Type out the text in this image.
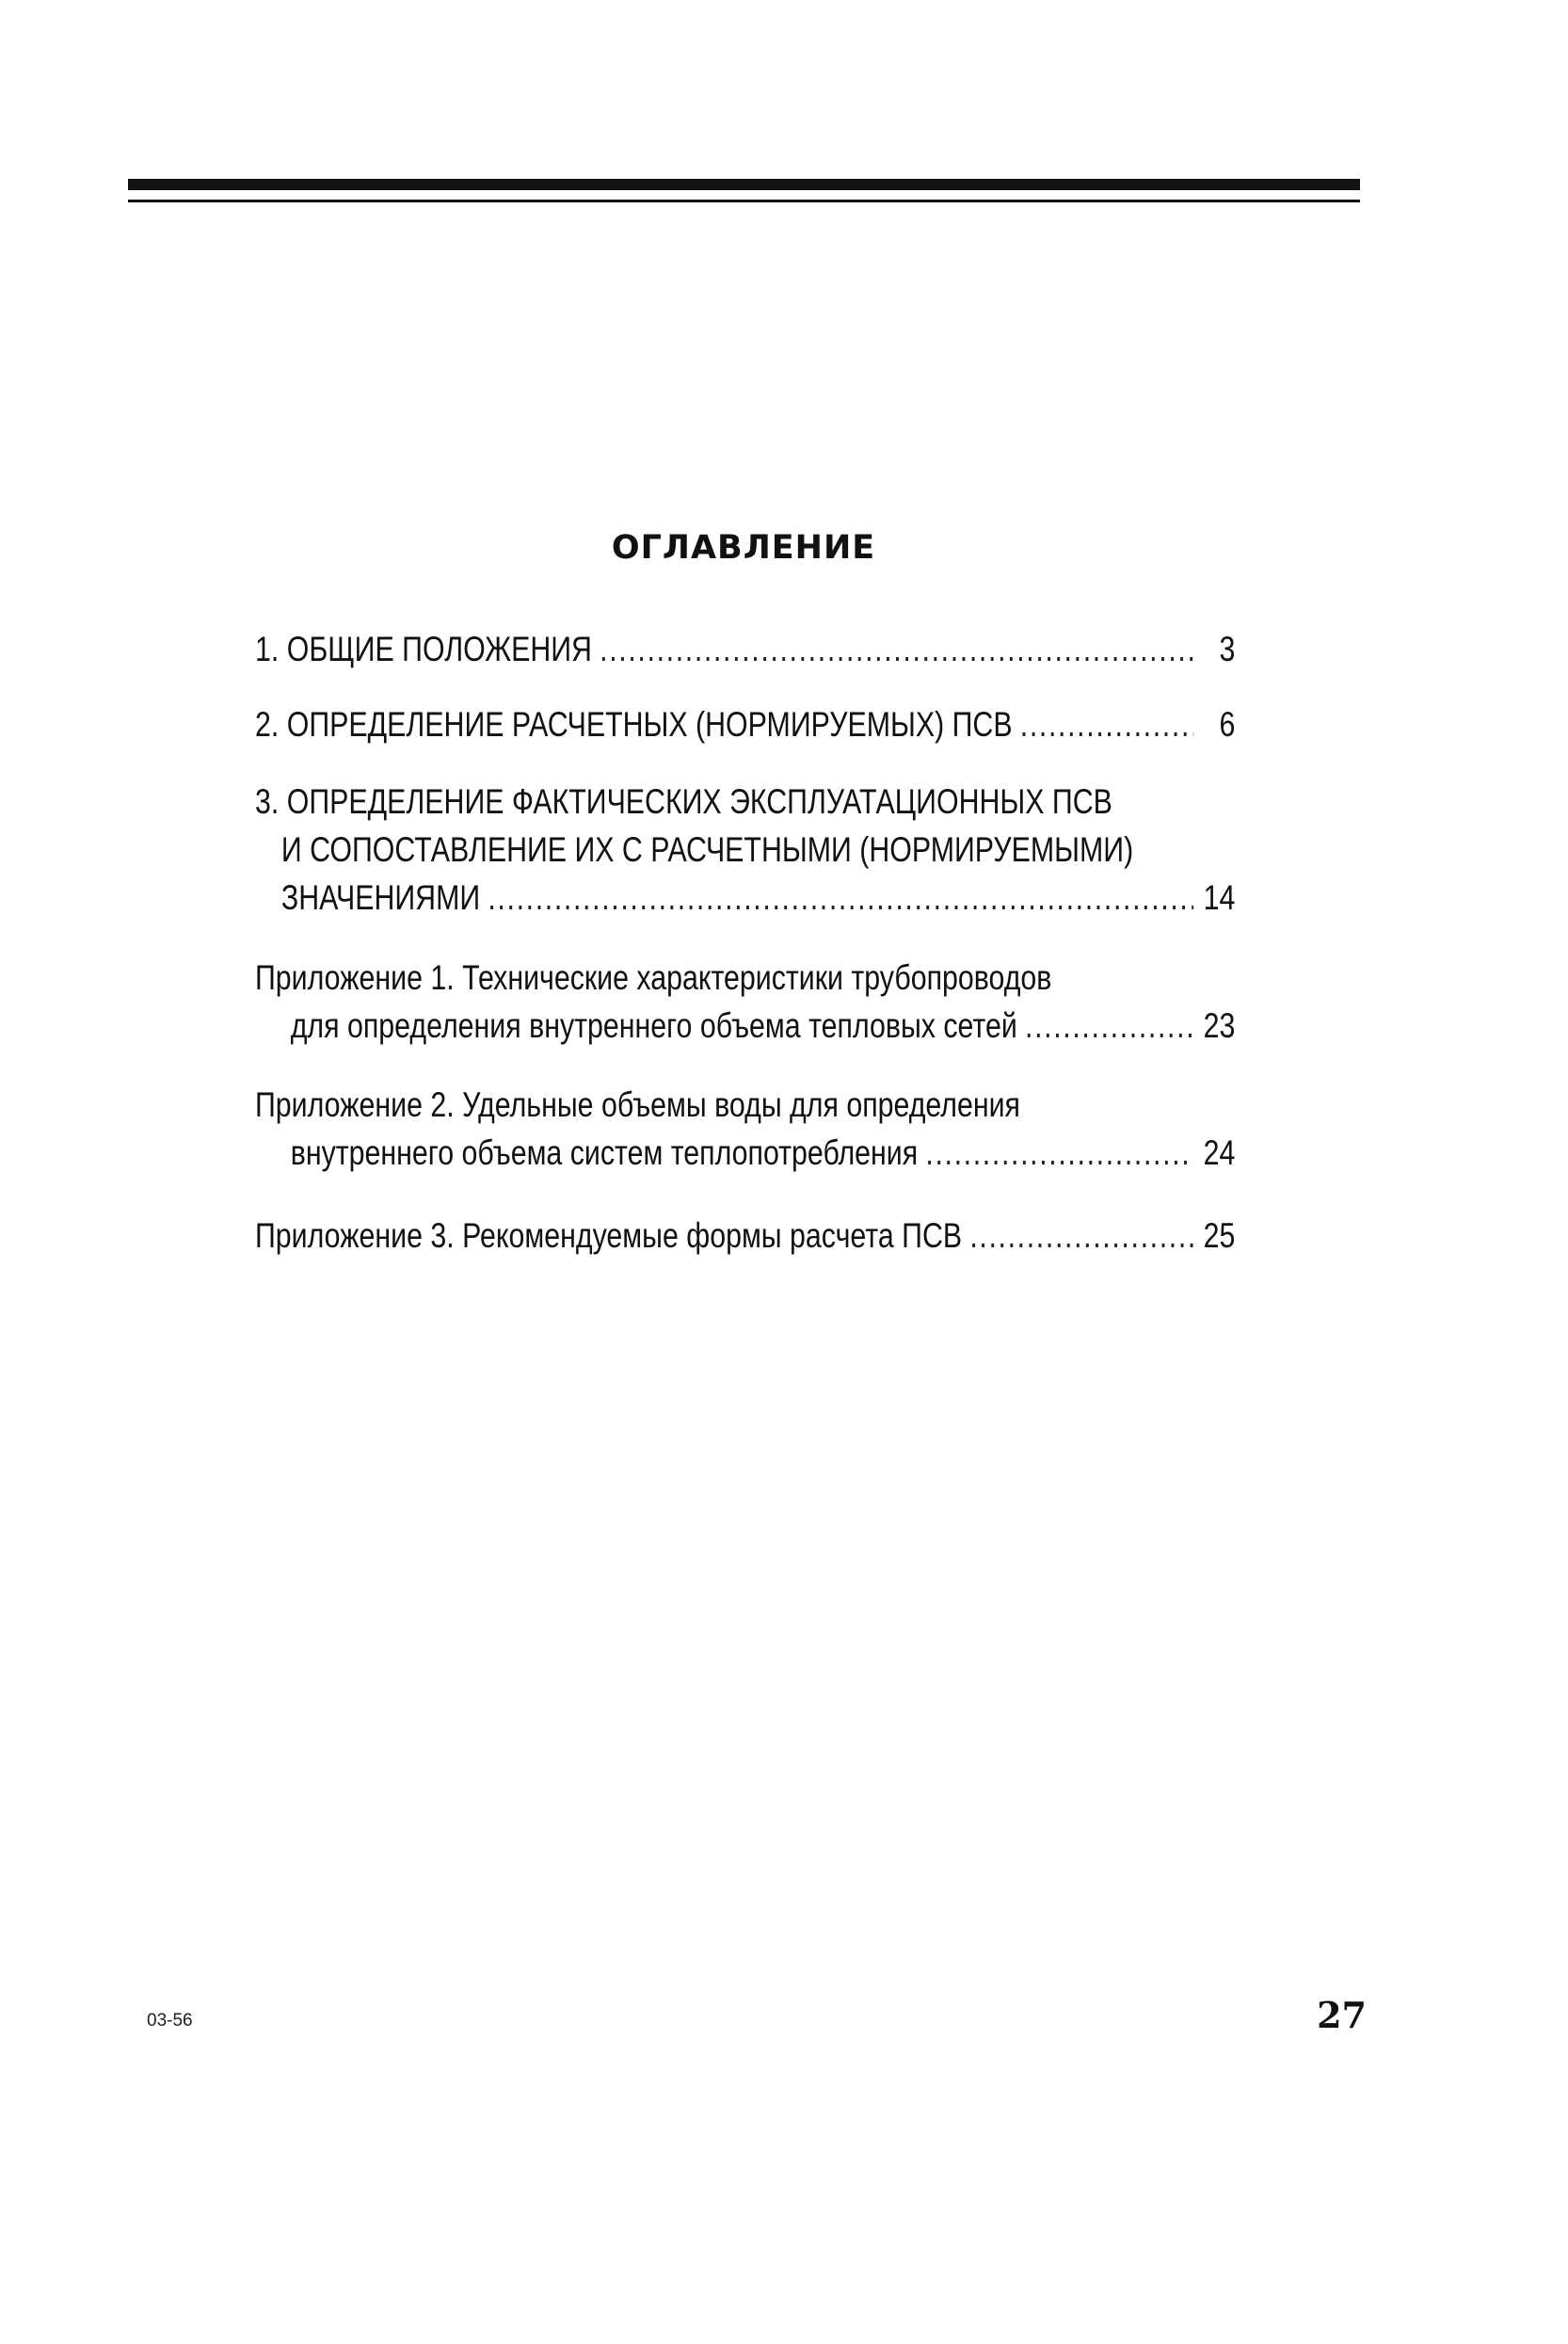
ОГЛАВЛЕНИЕ
1. ОБЩИЕ ПОЛОЖЕНИЯ .....	3
2. ОПРЕДЕЛЕНИЕ РАСЧЕТНЫХ (НОРМИРУЕМЫХ) ПСВ .....	6
3. ОПРЕДЕЛЕНИЕ ФАКТИЧЕСКИХ ЭКСПЛУАТАЦИОННЫХ ПСВ
И СОПОСТАВЛЕНИЕ ИХ С РАСЧЕТНЫМИ (НОРМИРУЕМЫМИ)
ЗНАЧЕНИЯМИ .....	14
Приложение 1. Технические характеристики трубопроводов
для определения внутреннего объема тепловых сетей .....	23
Приложение 2. Удельные объемы воды для определения
внутреннего объема систем теплопотребления .....	24
Приложение 3. Рекомендуемые формы расчета ПСВ .....	25
03-56	27
